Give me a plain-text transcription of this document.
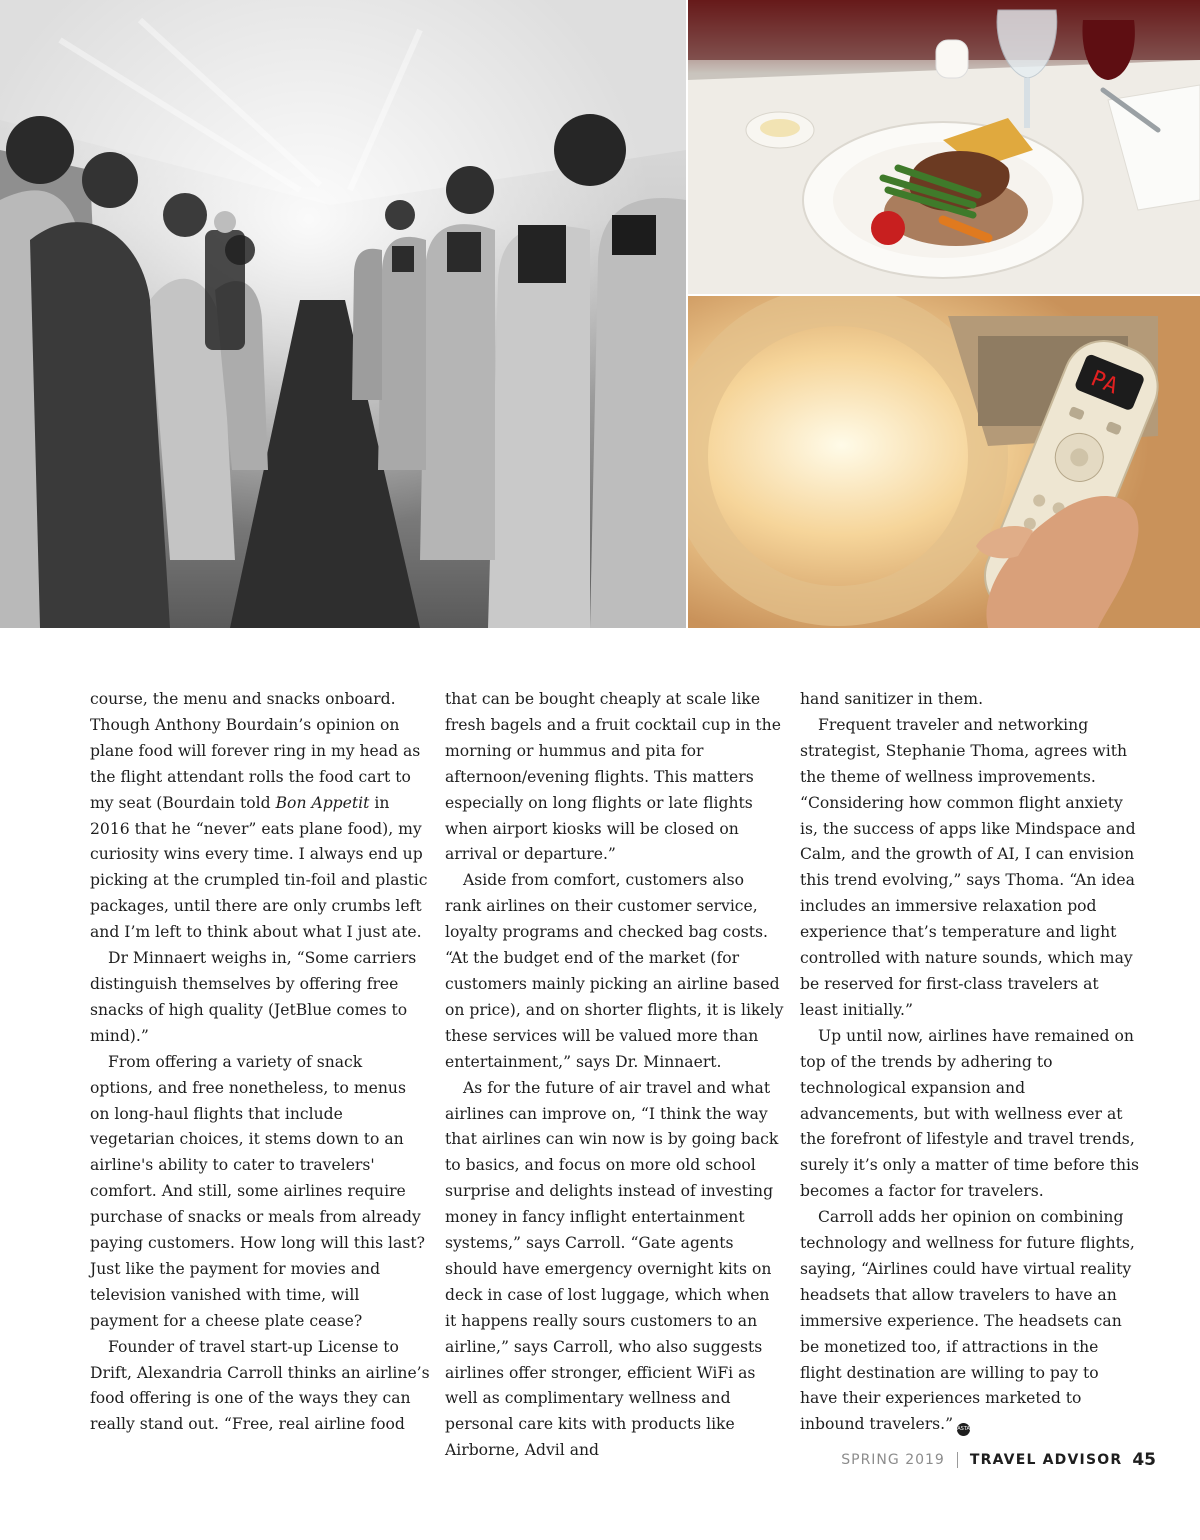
PA

course, the menu and snacks onboard. Though Anthony Bourdain’s opinion on plane food will forever ring in my head as the flight attendant rolls the food cart to my seat (Bourdain told Bon Appetit in 2016 that he “never” eats plane food), my curiosity wins every time. I always end up picking at the crumpled tin-foil and plastic packages, until there are only crumbs left and I’m left to think about what I just ate.

Dr Minnaert weighs in, “Some carriers distinguish themselves by offering free snacks of high quality (JetBlue comes to mind).”

From offering a variety of snack options, and free nonetheless, to menus on long-haul flights that include vegetarian choices, it stems down to an airline's ability to cater to travelers' comfort. And still, some airlines require purchase of snacks or meals from already paying customers. How long will this last? Just like the payment for movies and television vanished with time, will payment for a cheese plate cease?

Founder of travel start-up License to Drift, Alexandria Carroll thinks an airline’s food offering is one of the ways they can really stand out. “Free, real airline food

that can be bought cheaply at scale like fresh bagels and a fruit cocktail cup in the morning or hummus and pita for afternoon/evening flights. This matters especially on long flights or late flights when airport kiosks will be closed on arrival or departure.”

Aside from comfort, customers also rank airlines on their customer service, loyalty programs and checked bag costs. “At the budget end of the market (for customers mainly picking an airline based on price), and on shorter flights, it is likely these services will be valued more than entertainment,” says Dr. Minnaert.

As for the future of air travel and what airlines can improve on, “I think the way that airlines can win now is by going back to basics, and focus on more old school surprise and delights instead of investing money in fancy inflight entertainment systems,” says Carroll. “Gate agents should have emergency overnight kits on deck in case of lost luggage, which when it happens really sours customers to an airline,” says Carroll, who also suggests airlines offer stronger, efficient WiFi as well as complimentary wellness and personal care kits with products like Airborne, Advil and

hand sanitizer in them.

Frequent traveler and networking strategist, Stephanie Thoma, agrees with the theme of wellness improvements. “Considering how common flight anxiety is, the success of apps like Mindspace and Calm, and the growth of AI, I can envision this trend evolving,” says Thoma. “An idea includes an immersive relaxation pod experience that’s temperature and light controlled with nature sounds, which may be reserved for first-class travelers at least initially.”

Up until now, airlines have remained on top of the trends by adhering to technological expansion and advancements, but with wellness ever at the forefront of lifestyle and travel trends, surely it’s only a matter of time before this becomes a factor for travelers.

Carroll adds her opinion on combining technology and wellness for future flights, saying, “Airlines could have virtual reality headsets that allow travelers to have an immersive experience. The headsets can be monetized too, if attractions in the flight destination are willing to pay to have their experiences marketed to inbound travelers.” ASTA

SPRING 2019 TRAVEL ADVISOR 45
